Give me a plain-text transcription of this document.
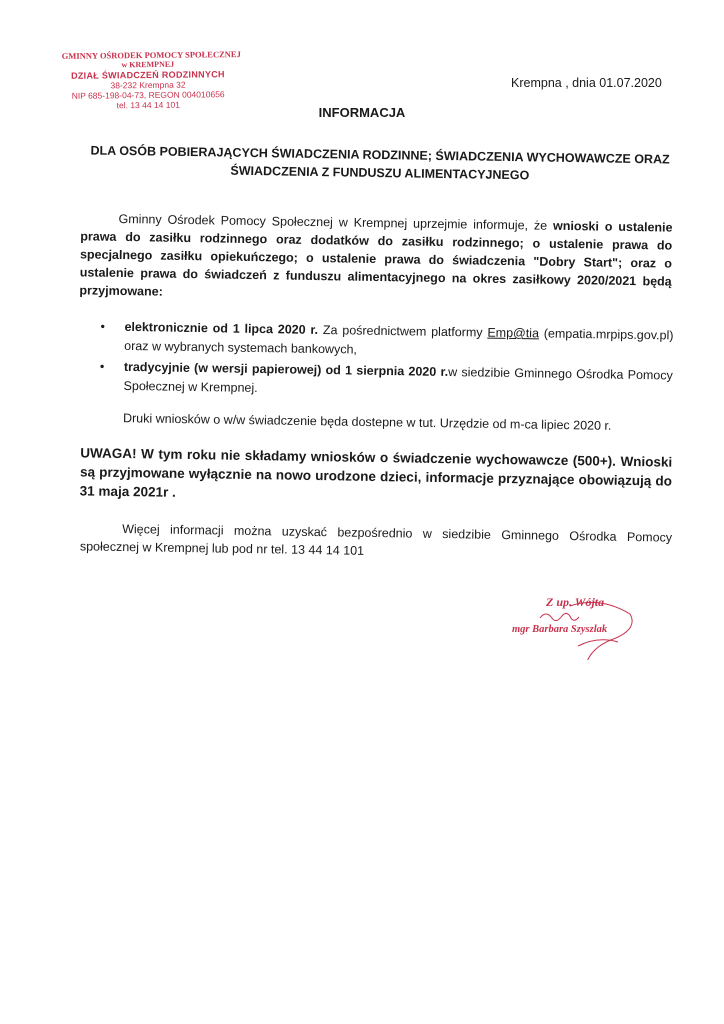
GMINNY OŚRODEK POMOCY SPOŁECZNEJ
w KREMPNEJ
DZIAŁ ŚWIADCZEŃ RODZINNYCH
38-232 Krempna 32
NIP 685-198-04-73, REGON 004010656
tel. 13 44 14 101
Krempna , dnia 01.07.2020
INFORMACJA
DLA OSÓB POBIERAJĄCYCH ŚWIADCZENIA RODZINNE; ŚWIADCZENIA WYCHOWAWCZE ORAZ ŚWIADCZENIA Z FUNDUSZU ALIMENTACYJNEGO
Gminny Ośrodek Pomocy Społecznej w Krempnej uprzejmie informuje, że wnioski o ustalenie prawa do zasiłku rodzinnego oraz dodatków do zasiłku rodzinnego; o ustalenie prawa do specjalnego zasiłku opiekuńczego; o ustalenie prawa do świadczenia "Dobry Start"; oraz o ustalenie prawa do świadczeń z funduszu alimentacyjnego na okres zasiłkowy 2020/2021 będą przyjmowane:
• elektronicznie od 1 lipca 2020 r. Za pośrednictwem platformy Emp@tia (empatia.mrpips.gov.pl) oraz w wybranych systemach bankowych,
• tradycyjnie (w wersji papierowej) od 1 sierpnia 2020 r.w siedzibie Gminnego Ośrodka Pomocy Społecznej w Krempnej.
Druki wniosków o w/w świadczenie będa dostepne w tut. Urzędzie od m-ca lipiec 2020 r.
UWAGA! W tym roku nie składamy wniosków o świadczenie wychowawcze (500+). Wnioski są przyjmowane wyłącznie na nowo urodzone dzieci, informacje przyznające obowiązują do 31 maja 2021r .
Więcej informacji można uzyskać bezpośrednio w siedzibie Gminnego Ośrodka Pomocy społecznej w Krempnej lub pod nr tel. 13 44 14 101
Z up. Wójta
mgr Barbara Szyszlak
